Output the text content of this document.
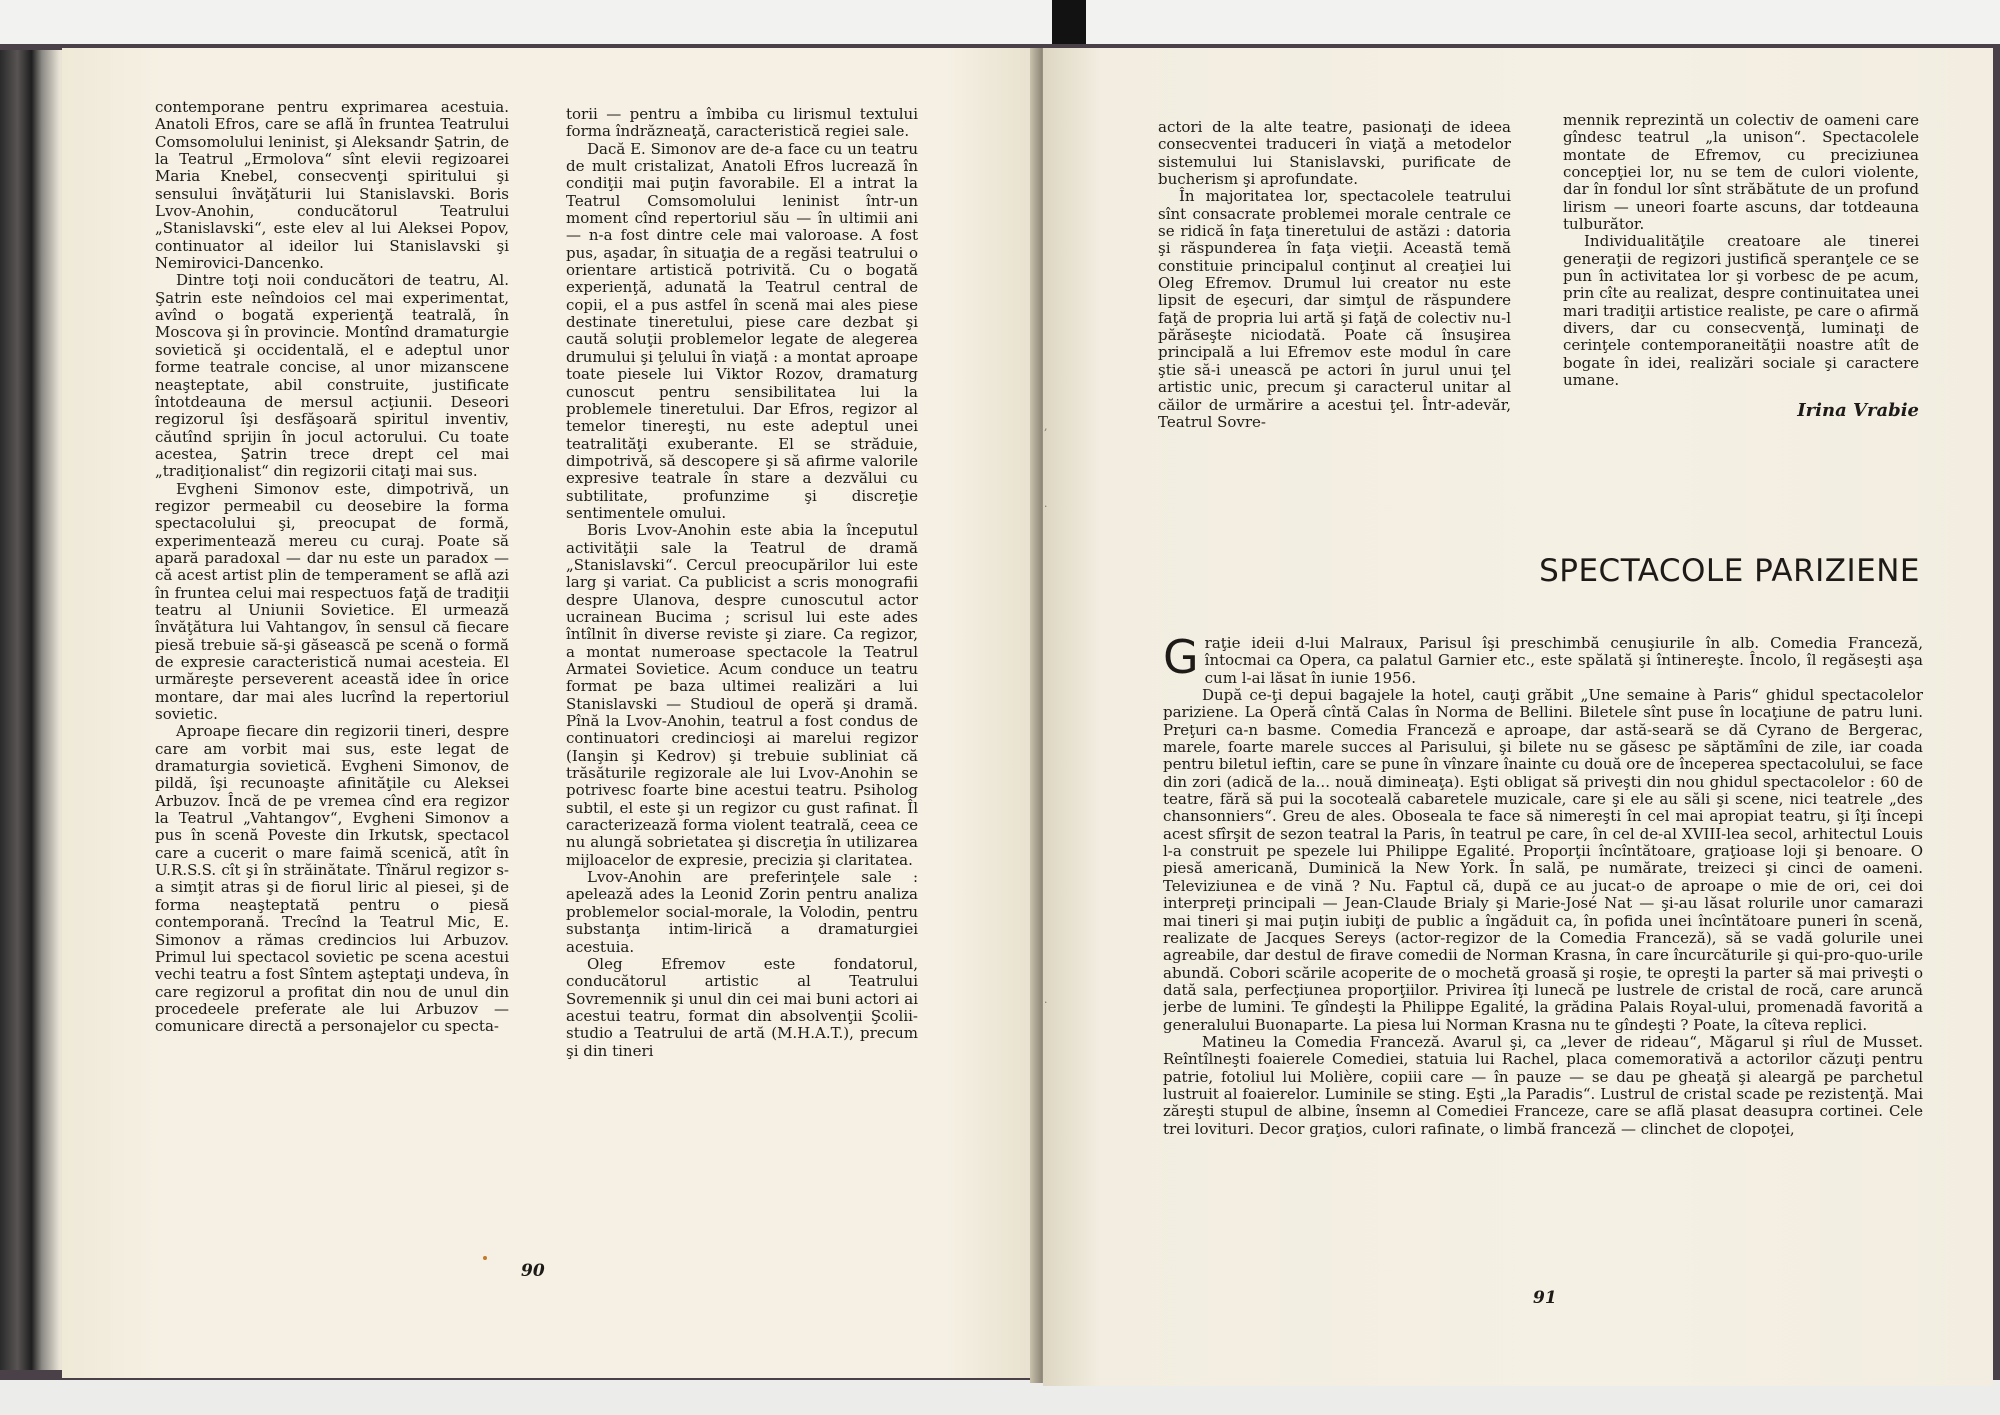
contemporane pentru exprimarea acestuia. Anatoli Efros, care se află în fruntea Teatrului Comsomolului leninist, şi Aleksandr Şatrin, de la Teatrul „Ermolova“ sînt elevii regizoarei Maria Knebel, consecvenţi spiritului şi sensului învăţăturii lui Stanislavski. Boris Lvov-Anohin, conducătorul Teatrului „Stanislavski“, este elev al lui Aleksei Popov, continuator al ideilor lui Stanislavski şi Nemirovici-Dancenko.

Dintre toţi noii conducători de teatru, Al. Şatrin este neîndoios cel mai experimentat, avînd o bogată experienţă teatrală, în Moscova şi în provincie. Montînd dramaturgie sovietică şi occidentală, el e adeptul unor forme teatrale concise, al unor mizanscene neaşteptate, abil construite, justificate întotdeauna de mersul acţiunii. Deseori regizorul îşi desfăşoară spiritul inventiv, căutînd sprijin în jocul actorului. Cu toate acestea, Şatrin trece drept cel mai „tradiţionalist“ din regizorii citaţi mai sus.

Evgheni Simonov este, dimpotrivă, un regizor permeabil cu deosebire la forma spectacolului şi, preocupat de formă, experimentează mereu cu curaj. Poate să apară paradoxal — dar nu este un paradox — că acest artist plin de temperament se află azi în fruntea celui mai respectuos faţă de tradiţii teatru al Uniunii Sovietice. El urmează învăţătura lui Vahtangov, în sensul că fiecare piesă trebuie să-şi găsească pe scenă o formă de expresie caracteristică numai acesteia. El urmăreşte perseverent această idee în orice montare, dar mai ales lucrînd la repertoriul sovietic.

Aproape fiecare din regizorii tineri, despre care am vorbit mai sus, este legat de dramaturgia sovietică. Evgheni Simonov, de pildă, îşi recunoaşte afinităţile cu Aleksei Arbuzov. Încă de pe vremea cînd era regizor la Teatrul „Vahtangov“, Evgheni Simonov a pus în scenă Poveste din Irkutsk, spectacol care a cucerit o mare faimă scenică, atît în U.R.S.S. cît şi în străinătate. Tînărul regizor s-a simţit atras şi de fiorul liric al piesei, şi de forma neaşteptată pentru o piesă contemporană. Trecînd la Teatrul Mic, E. Simonov a rămas credincios lui Arbuzov. Primul lui spectacol sovietic pe scena acestui vechi teatru a fost Sîntem aşteptaţi undeva, în care regizorul a profitat din nou de unul din procedeele preferate ale lui Arbuzov — comunicare directă a personajelor cu specta-

torii — pentru a îmbiba cu lirismul textului forma îndrăzneaţă, caracteristică regiei sale.

Dacă E. Simonov are de-a face cu un teatru de mult cristalizat, Anatoli Efros lucrează în condiţii mai puţin favorabile. El a intrat la Teatrul Comsomolului leninist într-un moment cînd repertoriul său — în ultimii ani — n-a fost dintre cele mai valoroase. A fost pus, aşadar, în situaţia de a regăsi teatrului o orientare artistică potrivită. Cu o bogată experienţă, adunată la Teatrul central de copii, el a pus astfel în scenă mai ales piese destinate tineretului, piese care dezbat şi caută soluţii problemelor legate de alegerea drumului şi ţelului în viaţă : a montat aproape toate piesele lui Viktor Rozov, dramaturg cunoscut pentru sensibilitatea lui la problemele tineretului. Dar Efros, regizor al temelor tinereşti, nu este adeptul unei teatralităţi exuberante. El se străduie, dimpotrivă, să descopere şi să afirme valorile expresive teatrale în stare a dezvălui cu subtilitate, profunzime şi discreţie sentimentele omului.

Boris Lvov-Anohin este abia la începutul activităţii sale la Teatrul de dramă „Stanislavski“. Cercul preocupărilor lui este larg şi variat. Ca publicist a scris monografii despre Ulanova, despre cunoscutul actor ucrainean Bucima ; scrisul lui este ades întîlnit în diverse reviste şi ziare. Ca regizor, a montat numeroase spectacole la Teatrul Armatei Sovietice. Acum conduce un teatru format pe baza ultimei realizări a lui Stanislavski — Studioul de operă şi dramă. Pînă la Lvov-Anohin, teatrul a fost condus de continuatori credincioşi ai marelui regizor (Ianşin şi Kedrov) şi trebuie subliniat că trăsăturile regizorale ale lui Lvov-Anohin se potrivesc foarte bine acestui teatru. Psiholog subtil, el este şi un regizor cu gust rafinat. Îl caracterizează forma violent teatrală, ceea ce nu alungă sobrietatea şi discreţia în utilizarea mijloacelor de expresie, precizia şi claritatea.

Lvov-Anohin are preferinţele sale : apelează ades la Leonid Zorin pentru analiza problemelor social-morale, la Volodin, pentru substanţa intim-lirică a dramaturgiei acestuia.

Oleg Efremov este fondatorul, conducătorul artistic al Teatrului Sovremennik şi unul din cei mai buni actori ai acestui teatru, format din absolvenţii Şcolii-studio a Teatrului de artă (M.H.A.T.), precum şi din tineri

90
,
·
·

actori de la alte teatre, pasionaţi de ideea consecventei traduceri în viaţă a metodelor sistemului lui Stanislavski, purificate de bucherism şi aprofundate.

În majoritatea lor, spectacolele teatrului sînt consacrate problemei morale centrale ce se ridică în faţa tineretului de astăzi : datoria şi răspunderea în faţa vieţii. Această temă constituie principalul conţinut al creaţiei lui Oleg Efremov. Drumul lui creator nu este lipsit de eşecuri, dar simţul de răspundere faţă de propria lui artă şi faţă de colectiv nu-l părăseşte niciodată. Poate că însuşirea principală a lui Efremov este modul în care ştie să-i unească pe actori în jurul unui ţel artistic unic, precum şi caracterul unitar al căilor de urmărire a acestui ţel. Într-adevăr, Teatrul Sovre-

mennik reprezintă un colectiv de oameni care gîndesc teatrul „la unison“. Spectacolele montate de Efremov, cu preciziunea concepţiei lor, nu se tem de culori violente, dar în fondul lor sînt străbătute de un profund lirism — uneori foarte ascuns, dar totdeauna tulburător.

Individualităţile creatoare ale tinerei generaţii de regizori justifică speranţele ce se pun în activitatea lor şi vorbesc de pe acum, prin cîte au realizat, despre continuitatea unei mari tradiţii artistice realiste, pe care o afirmă divers, dar cu consecvenţă, luminaţi de cerinţele contemporaneităţii noastre atît de bogate în idei, realizări sociale şi caractere umane.

Irina Vrabie
SPECTACOLE PARIZIENE

Graţie ideii d-lui Malraux, Parisul îşi preschimbă cenuşiurile în alb. Comedia Franceză, întocmai ca Opera, ca palatul Garnier etc., este spălată şi întinereşte. Încolo, îl regăseşti aşa cum l-ai lăsat în iunie 1956.

După ce-ţi depui bagajele la hotel, cauţi grăbit „Une semaine à Paris“ ghidul spectacolelor pariziene. La Operă cîntă Calas în Norma de Bellini. Biletele sînt puse în locaţiune de patru luni. Preţuri ca-n basme. Comedia Franceză e aproape, dar astă-seară se dă Cyrano de Bergerac, marele, foarte marele succes al Parisului, şi bilete nu se găsesc pe săptămîni de zile, iar coada pentru biletul ieftin, care se pune în vînzare înainte cu două ore de începerea spectacolului, se face din zori (adică de la... nouă dimineaţa). Eşti obligat să priveşti din nou ghidul spectacolelor : 60 de teatre, fără să pui la socoteală cabaretele muzicale, care şi ele au săli şi scene, nici teatrele „des chansonniers“. Greu de ales. Oboseala te face să nimereşti în cel mai apropiat teatru, şi îţi începi acest sfîrşit de sezon teatral la Paris, în teatrul pe care, în cel de-al XVIII-lea secol, arhitectul Louis l-a construit pe spezele lui Philippe Egalité. Proporţii încîntătoare, graţioase loji şi benoare. O piesă americană, Duminică la New York. În sală, pe numărate, treizeci şi cinci de oameni. Televiziunea e de vină ? Nu. Faptul că, după ce au jucat-o de aproape o mie de ori, cei doi interpreţi principali — Jean-Claude Brialy şi Marie-José Nat — şi-au lăsat rolurile unor camarazi mai tineri şi mai puţin iubiţi de public a îngăduit ca, în pofida unei încîntătoare puneri în scenă, realizate de Jacques Sereys (actor-regizor de la Comedia Franceză), să se vadă golurile unei agreabile, dar destul de firave comedii de Norman Krasna, în care încurcăturile şi qui-pro-quo-urile abundă. Cobori scările acoperite de o mochetă groasă şi roşie, te opreşti la parter să mai priveşti o dată sala, perfecţiunea proporţiilor. Privirea îţi lunecă pe lustrele de cristal de rocă, care aruncă jerbe de lumini. Te gîndeşti la Philippe Egalité, la grădina Palais Royal-ului, promenadă favorită a generalului Buonaparte. La piesa lui Norman Krasna nu te gîndeşti ? Poate, la cîteva replici.

Matineu la Comedia Franceză. Avarul şi, ca „lever de rideau“, Măgarul şi rîul de Musset. Reîntîlneşti foaierele Comediei, statuia lui Rachel, placa comemorativă a actorilor căzuţi pentru patrie, fotoliul lui Molière, copiii care — în pauze — se dau pe gheaţă şi aleargă pe parchetul lustruit al foaierelor. Luminile se sting. Eşti „la Paradis“. Lustrul de cristal scade pe rezistenţă. Mai zăreşti stupul de albine, însemn al Comediei Franceze, care se află plasat deasupra cortinei. Cele trei lovituri. Decor graţios, culori rafinate, o limbă franceză — clinchet de clopoţei,

91
